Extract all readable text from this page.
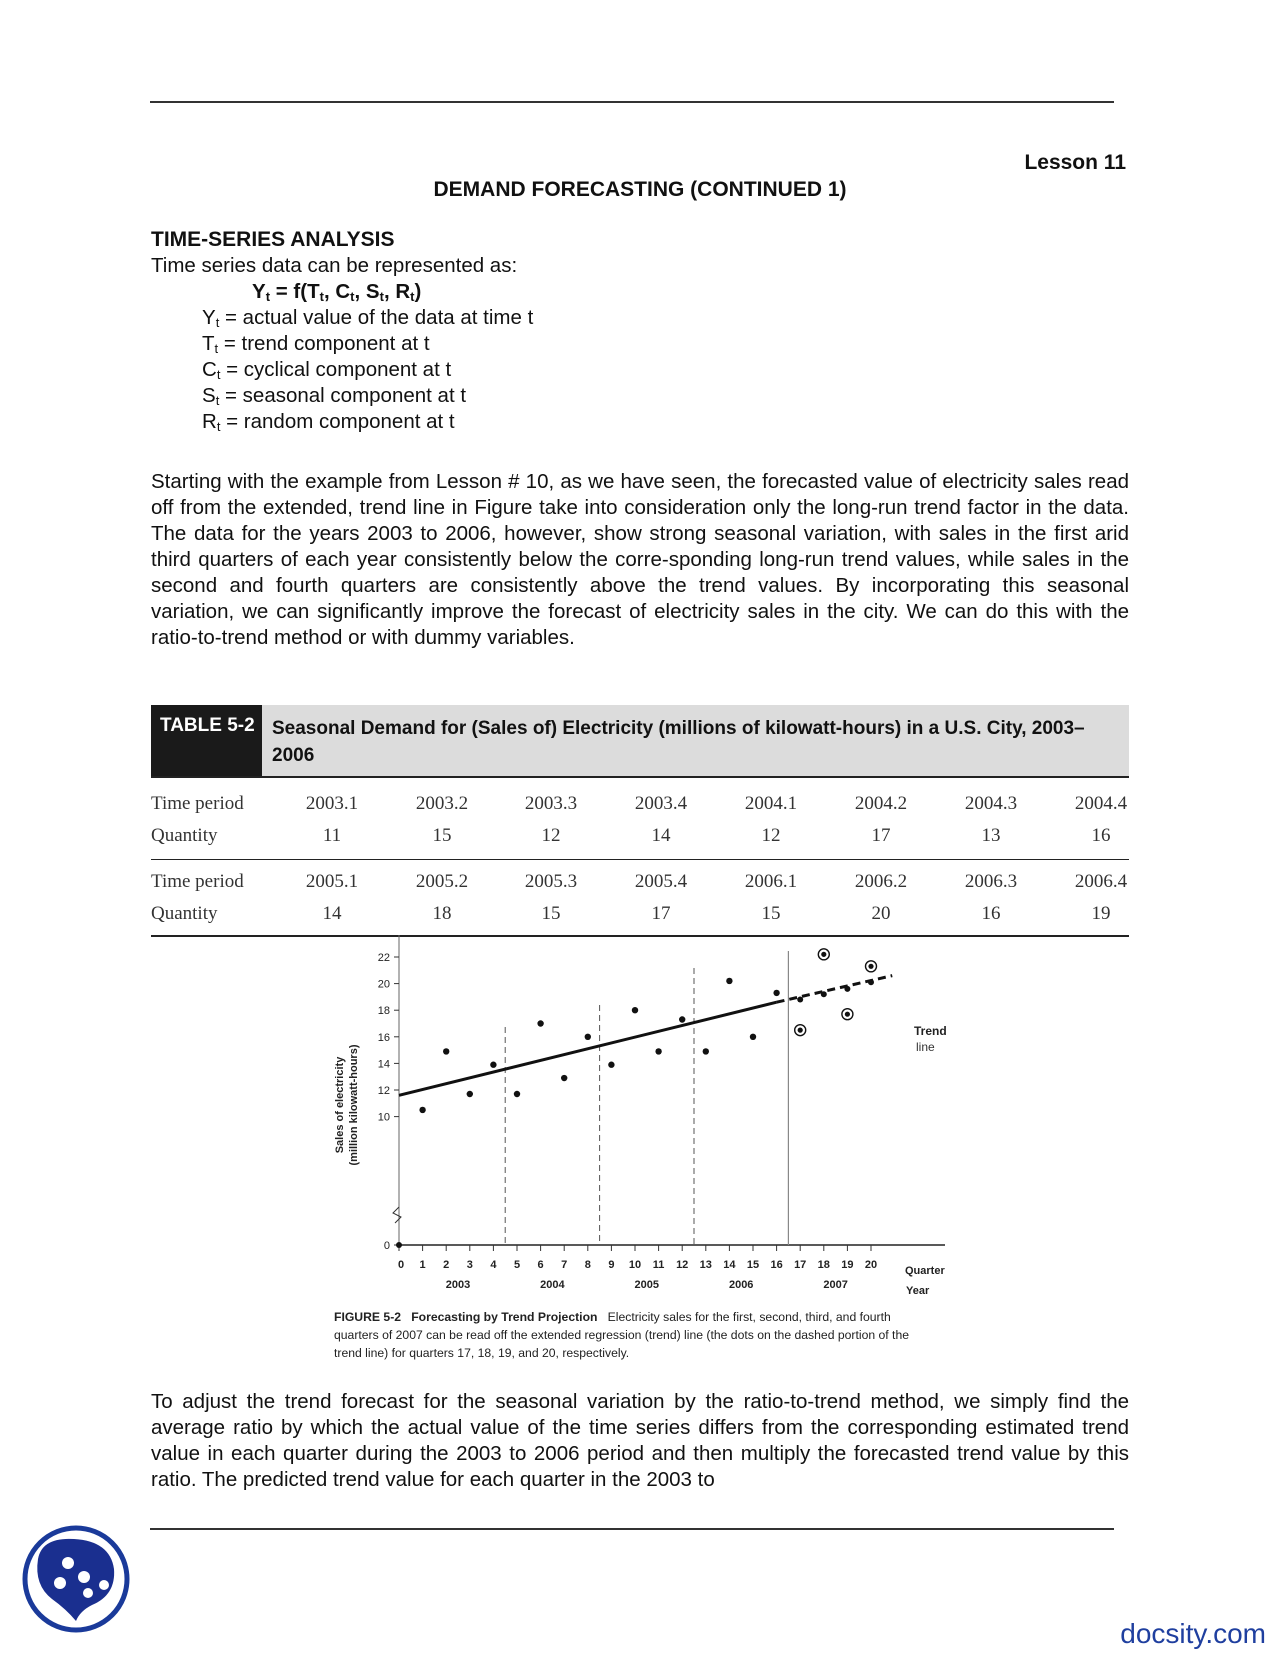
Lesson 11
DEMAND FORECASTING (CONTINUED 1)
TIME-SERIES ANALYSIS
Time series data can be represented as:
$Y_t = f(T_t$, $C_t$, $S_t$, $R_t$)
$Y_t$ = actual value of the data at time t
$T_t$ = trend component at t
$C_t$ = cyclical component at t
$S_t$ = seasonal component at t
$R_t$ = random component at t
Starting with the example from Lesson # 10, as we have seen, the forecasted value of electricity sales read off from the extended, trend line in Figure take into consideration only the long-run trend factor in the data. The data for the years 2003 to 2006, however, show strong seasonal variation, with sales in the first arid third quarters of each year consistently below the corre-sponding long-run trend values, while sales in the second and fourth quarters are consistently above the trend values. By incorporating this seasonal variation, we can significantly improve the forecast of electricity sales in the city. We can do this with the ratio-to-trend method or with dummy variables.
TABLE 5-2 Seasonal Demand for (Sales of) Electricity (millions of kilowatt-hours) in a U.S. City, 2003–2006
Time period	2003.1	2003.2	2003.3	2003.4	2004.1	2004.2	2004.3	2004.4
Quantity	11	15	12	14	12	17	13	16
Time period	2005.1	2005.2	2005.3	2005.4	2006.1	2006.2	2006.3	2006.4
Quantity	14	18	15	17	15	20	16	19
Sales of electricity (million kilowatt-hours)
Quarter
Year
Trend
line
0
10
12
14
16
18
20
22
0 1 2 3 4 5 6 7 8 9 10 11 12 13 14 15 16 17 18 19 20
2003	2004	2005	2006	2007
FIGURE 5-2 Forecasting by Trend Projection Electricity sales for the first, second, third, and fourth quarters of 2007 can be read off the extended regression (trend) line (the dots on the dashed portion of the trend line) for quarters 17, 18, 19, and 20, respectively.
To adjust the trend forecast for the seasonal variation by the ratio-to-trend method, we simply find the average ratio by which the actual value of the time series differs from the corresponding estimated trend value in each quarter during the 2003 to 2006 period and then multiply the forecasted trend value by this ratio. The predicted trend value for each quarter in the 2003 to
docsity.com
